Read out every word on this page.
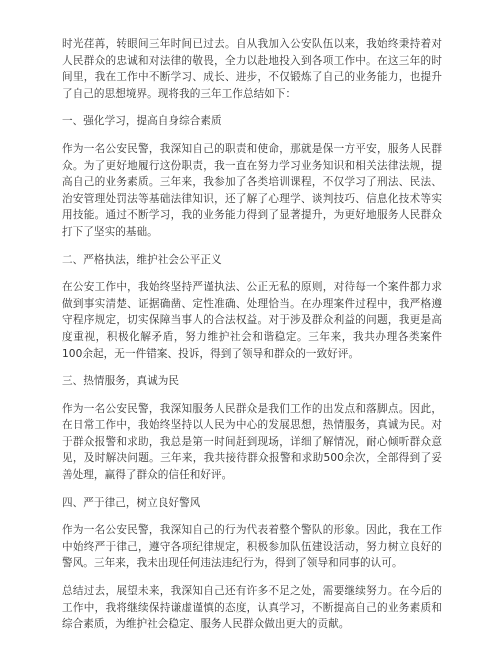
时光荏苒，转眼间三年时间已过去。自从我加入公安队伍以来，我始终秉持着对人民群众的忠诚和对法律的敬畏，全力以赴地投入到各项工作中。在这三年的时间里，我在工作中不断学习、成长、进步，不仅锻炼了自己的业务能力，也提升了自己的思想境界。现将我的三年工作总结如下：

一、强化学习，提高自身综合素质

作为一名公安民警，我深知自己的职责和使命，那就是保一方平安，服务人民群众。为了更好地履行这份职责，我一直在努力学习业务知识和相关法律法规，提高自己的业务素质。三年来，我参加了各类培训课程，不仅学习了刑法、民法、治安管理处罚法等基础法律知识，还了解了心理学、谈判技巧、信息化技术等实用技能。通过不断学习，我的业务能力得到了显著提升，为更好地服务人民群众打下了坚实的基础。

二、严格执法，维护社会公平正义

在公安工作中，我始终坚持严谨执法、公正无私的原则，对待每一个案件都力求做到事实清楚、证据确凿、定性准确、处理恰当。在办理案件过程中，我严格遵守程序规定，切实保障当事人的合法权益。对于涉及群众利益的问题，我更是高度重视，积极化解矛盾，努力维护社会和谐稳定。三年来，我共办理各类案件100余起，无一件错案、投诉，得到了领导和群众的一致好评。

三、热情服务，真诚为民

作为一名公安民警，我深知服务人民群众是我们工作的出发点和落脚点。因此，在日常工作中，我始终坚持以人民为中心的发展思想，热情服务，真诚为民。对于群众报警和求助，我总是第一时间赶到现场，详细了解情况，耐心倾听群众意见，及时解决问题。三年来，我共接待群众报警和求助500余次，全部得到了妥善处理，赢得了群众的信任和好评。

四、严于律己，树立良好警风

作为一名公安民警，我深知自己的行为代表着整个警队的形象。因此，我在工作中始终严于律己，遵守各项纪律规定，积极参加队伍建设活动，努力树立良好的警风。三年来，我未出现任何违法违纪行为，得到了领导和同事的认可。

总结过去，展望未来，我深知自己还有许多不足之处，需要继续努力。在今后的工作中，我将继续保持谦虚谨慎的态度，认真学习，不断提高自己的业务素质和综合素质，为维护社会稳定、服务人民群众做出更大的贡献。
